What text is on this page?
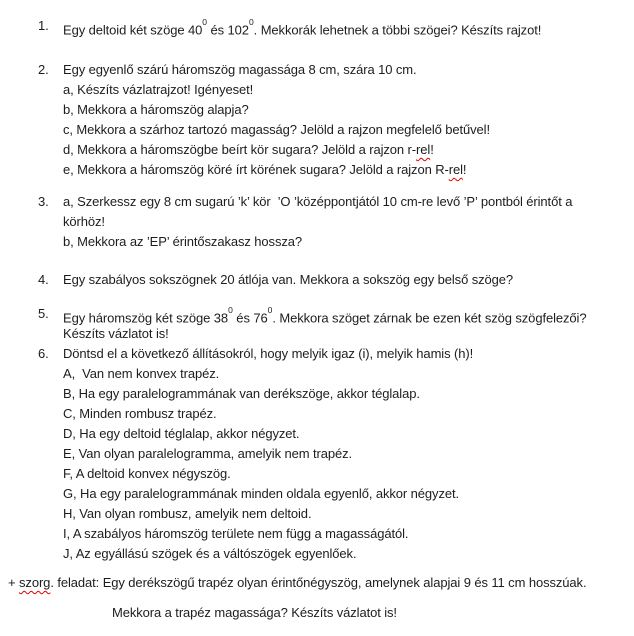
1.	Egy deltoid két szöge $40^0$ és $102^0$. Mekkorák lehetnek a többi szögei? Készíts rajzot!
2.	Egy egyenlő szárú háromszög magassága 8 cm, szára 10 cm.
a, Készíts vázlatrajzot! Igényeset!
b, Mekkora a háromszög alapja?
c, Mekkora a szárhoz tartozó magasság? Jelöld a rajzon megfelelő betűvel!
d, Mekkora a háromszögbe beírt kör sugara? Jelöld a rajzon r-rel!
e, Mekkora a háromszög köré írt körének sugara? Jelöld a rajzon R-rel!
3.	a, Szerkessz egy 8 cm sugarú ’k’ kör  ’O ’középpontjától 10 cm-re levő ’P’ pontból érintőt a
körhöz!
b, Mekkora az ’EP’ érintőszakasz hossza?
4.	Egy szabályos sokszögnek 20 átlója van. Mekkora a sokszög egy belső szöge?
5.	Egy háromszög két szöge $38^0$ és $76^0$. Mekkora szöget zárnak be ezen két szög szögfelezői?
Készíts vázlatot is!
6.	Döntsd el a következő állításokról, hogy melyik igaz (i), melyik hamis (h)!
A,  Van nem konvex trapéz.
B, Ha egy paralelogrammának van derékszöge, akkor téglalap.
C, Minden rombusz trapéz.
D, Ha egy deltoid téglalap, akkor négyzet.
E, Van olyan paralelogramma, amelyik nem trapéz.
F, A deltoid konvex négyszög.
G, Ha egy paralelogrammának minden oldala egyenlő, akkor négyzet.
H, Van olyan rombusz, amelyik nem deltoid.
I, A szabályos háromszög területe nem függ a magasságától.
J, Az egyállású szögek és a váltószögek egyenlőek.
+ szorg. feladat: Egy derékszögű trapéz olyan érintőnégyszög, amelynek alapjai 9 és 11 cm hosszúak.
Mekkora a trapéz magassága? Készíts vázlatot is!
